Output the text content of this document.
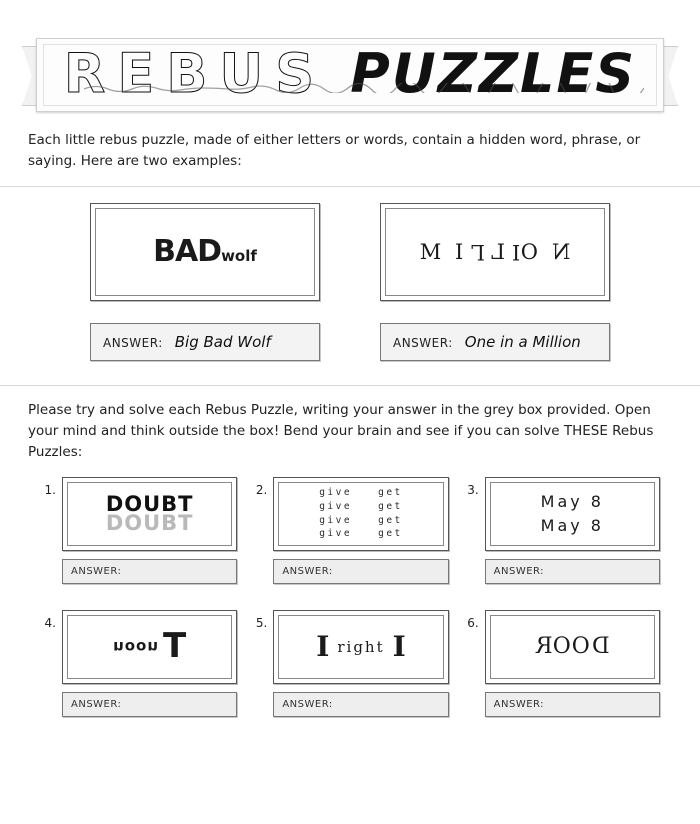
REBUS PUZZLES
Each little rebus puzzle, made of either letters or words, contain a hidden word, phrase, or saying. Here are two examples:
BADwolf
ANSWER: Big Bad Wolf
MILLION
ANSWER: One in a Million
Please try and solve each Rebus Puzzle, writing your answer in the grey box provided. Open your mind and think outside the box! Bend your brain and see if you can solve THESE Rebus Puzzles:
1.
DOUBT
DOUBT
ANSWER:
2.	give	get
give	get
give	get
give	get
ANSWER:
3.
May 8
May 8
ANSWER:
4.
noon T
ANSWER:
5.
I right I
ANSWER:
6.
ROOD
ANSWER:
